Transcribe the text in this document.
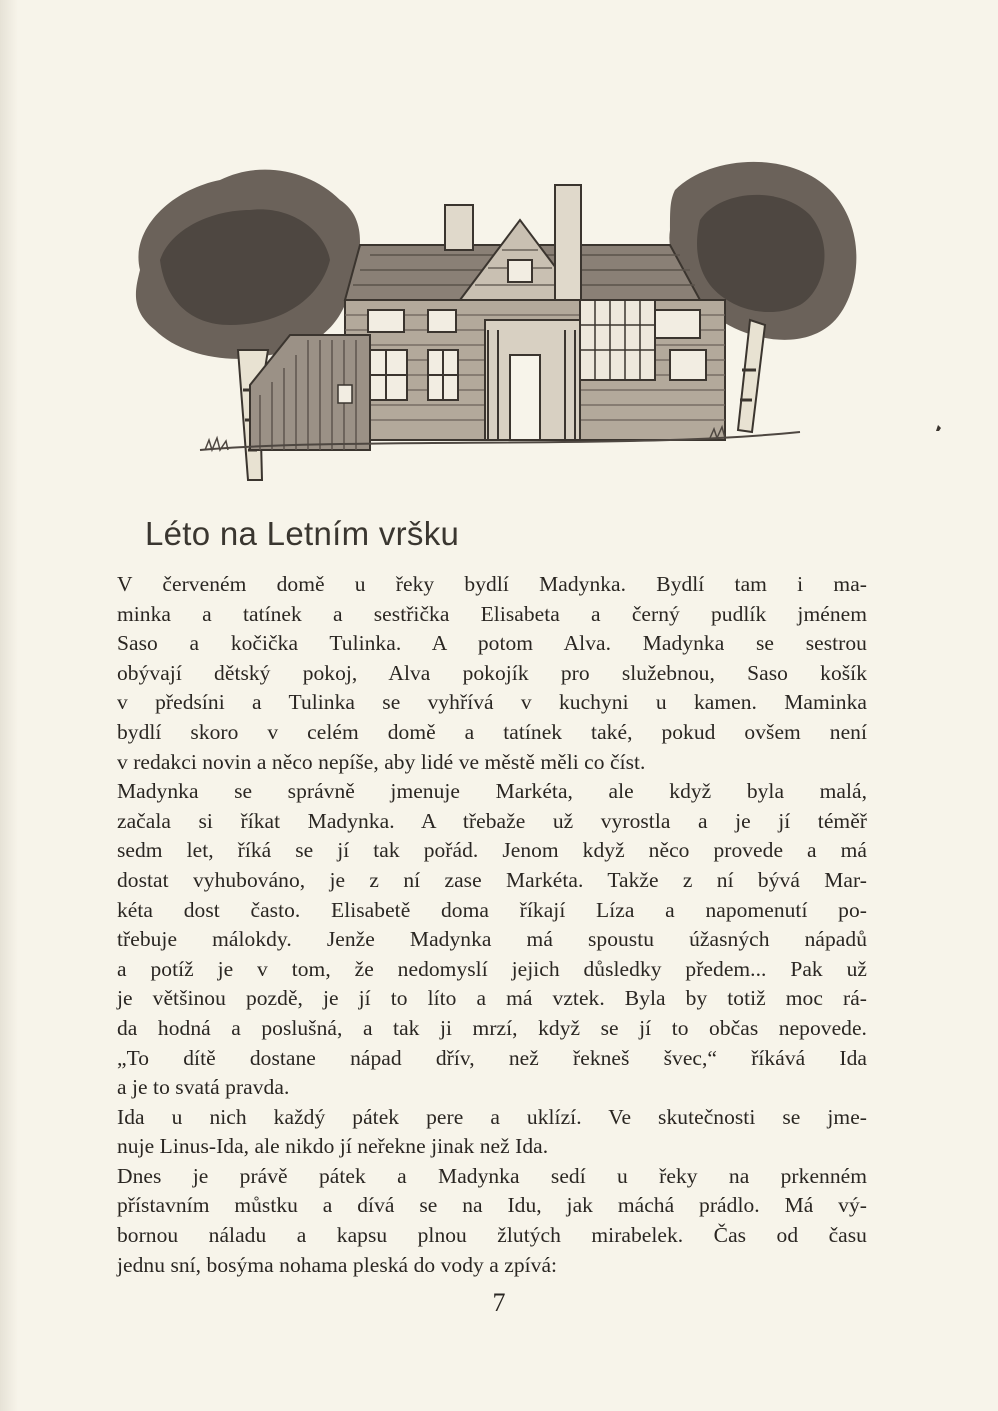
Léto na Letním vršku

V červeném domě u řeky bydlí Madynka. Bydlí tam i ma-
minka a tatínek a sestřička Elisabeta a černý pudlík jménem
Saso a kočička Tulinka. A potom Alva. Madynka se sestrou
obývají dětský pokoj, Alva pokojík pro služebnou, Saso košík
v předsíni a Tulinka se vyhřívá v kuchyni u kamen. Maminka
bydlí skoro v celém domě a tatínek také, pokud ovšem není
v redakci novin a něco nepíše, aby lidé ve městě měli co číst.

Madynka se správně jmenuje Markéta, ale když byla malá,
začala si říkat Madynka. A třebaže už vyrostla a je jí téměř
sedm let, říká se jí tak pořád. Jenom když něco provede a má
dostat vyhubováno, je z ní zase Markéta. Takže z ní bývá Mar-
kéta dost často. Elisabetě doma říkají Líza a napomenutí po-
třebuje málokdy. Jenže Madynka má spoustu úžasných nápadů
a potíž je v tom, že nedomyslí jejich důsledky předem... Pak už
je většinou pozdě, je jí to líto a má vztek. Byla by totiž moc rá-
da hodná a poslušná, a tak ji mrzí, když se jí to občas nepovede.

„To dítě dostane nápad dřív, než řekneš švec,“ říkává Ida
a je to svatá pravda.

Ida u nich každý pátek pere a uklízí. Ve skutečnosti se jme-
nuje Linus-Ida, ale nikdo jí neřekne jinak než Ida.

Dnes je právě pátek a Madynka sedí u řeky na prkenném
přístavním můstku a dívá se na Idu, jak máchá prádlo. Má vý-
bornou náladu a kapsu plnou žlutých mirabelek. Čas od času
jednu sní, bosýma nohama pleská do vody a zpívá:

7
